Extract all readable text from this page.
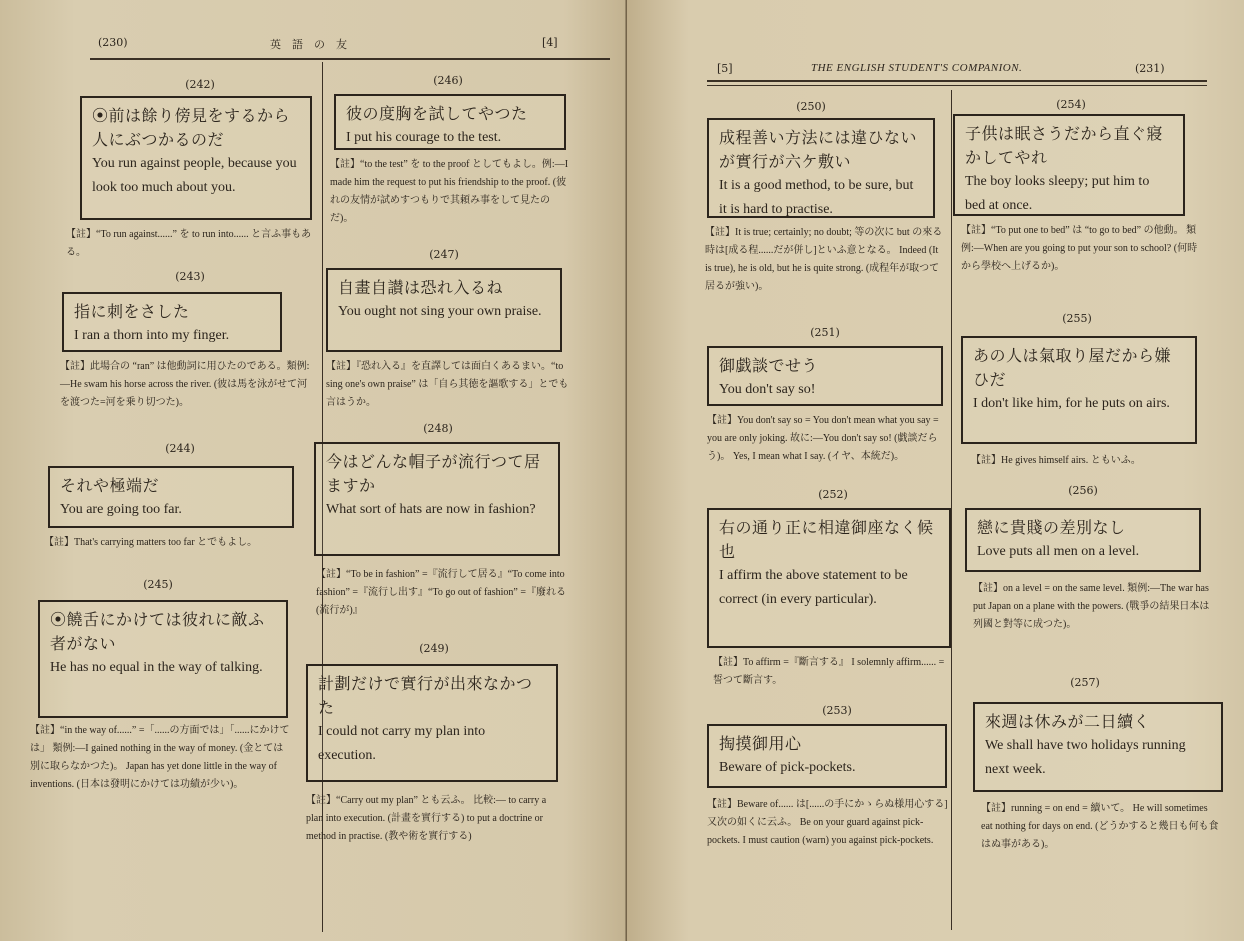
(230)	英　語　の　友	[4]
(242)
⦿前は餘り傍見をするから人にぶつかるのだ
You run against people, because you look too much about you.
【註】“To run against......” を to run into...... と言ふ事もある。
(243)
指に刺をさした
I ran a thorn into my finger.
【註】此場合の “ran” は他動詞に用ひたのである。類例:—He swam his horse across the river. (彼は馬を泳がせて河を渡つた=河を乗り切つた)。
(244)
それや極端だ
You are going too far.
【註】That's carrying matters too far とでもよし。
(245)
⦿饒舌にかけては彼れに敵ふ者がない
He has no equal in the way of talking.
【註】“in the way of......” =「......の方面では」「......にかけては」 類例:—I gained nothing in the way of money. (金とては別に取らなかつた)。 Japan has yet done little in the way of inventions. (日本は發明にかけては功績が少い)。
(246)
彼の度胸を試してやつた
I put his courage to the test.
【註】“to the test” を to the proof としてもよし。例:—I made him the request to put his friendship to the proof. (彼れの友情が試めすつもりで其頼み事をして見たのだ)。
(247)
自畫自讃は恐れ入るね
You ought not sing your own praise.
【註】『恐れ入る』を直譯しては面白くあるまい。“to sing one's own praise” は「自ら其徳を謳歌する」とでも言はうか。
(248)
今はどんな帽子が流行つて居ますか
What sort of hats are now in fashion?
【註】“To be in fashion” =『流行して居る』“To come into fashion” =『流行し出す』“To go out of fashion” =『廢れる(流行が)』
(249)
計劃だけで實行が出來なかつた
I could not carry my plan into execution.
【註】“Carry out my plan” とも云ふ。 比較:— to carry a plan into execution. (計畫を實行する) to put a doctrine or method in practise. (教や術を實行する)
[5]	THE ENGLISH STUDENT'S COMPANION.	(231)
(250)
成程善い方法には違ひないが實行が六ケ敷い
It is a good method, to be sure, but it is hard to practise.
【註】It is true; certainly; no doubt; 等の次に but の來る時は[成る程......だが併し]といふ意となる。 Indeed (It is true), he is old, but he is quite strong. (成程年が取つて居るが強い)。
(251)
御戯談でせう
You don't say so!
【註】You don't say so = You don't mean what you say = you are only joking. 故に:—You don't say so! (戯談だらう)。 Yes, I mean what I say. (イヤ、本統だ)。
(252)
右の通り正に相違御座なく候也
I affirm the above statement to be correct (in every particular).
【註】To affirm =『斷言する』 I solemnly affirm...... = 誓つて斷言す。
(253)
掏摸御用心
Beware of pick-pockets.
【註】Beware of...... は[......の手にかゝらぬ様用心する]又次の如くに云ふ。 Be on your guard against pick-pockets. I must caution (warn) you against pick-pockets.
(254)
子供は眠さうだから直ぐ寢かしてやれ
The boy looks sleepy; put him to bed at once.
【註】“To put one to bed” は “to go to bed” の他動。 類例:—When are you going to put your son to school? (何時から學校へ上げるか)。
(255)
あの人は氣取り屋だから嫌ひだ
I don't like him, for he puts on airs.
【註】He gives himself airs. ともいふ。
(256)
戀に貴賤の差別なし
Love puts all men on a level.
【註】on a level = on the same level. 類例:—The war has put Japan on a plane with the powers. (戰爭の結果日本は列國と對等に成つた)。
(257)
來週は休みが二日續く
We shall have two holidays running next week.
【註】running = on end = 續いて。 He will sometimes eat nothing for days on end. (どうかすると幾日も何も食はぬ事がある)。
